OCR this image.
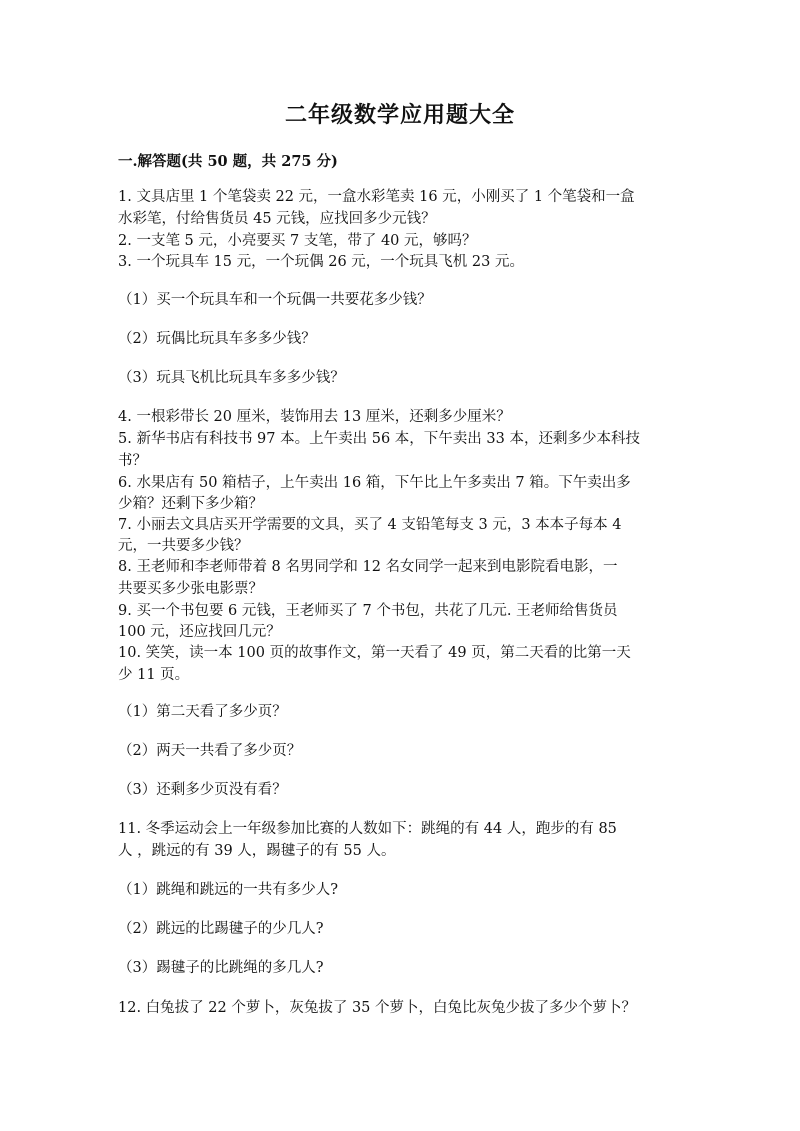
二年级数学应用题大全
一.解答题(共 50 题，共 275 分)
1. 文具店里 1 个笔袋卖 22 元，一盒水彩笔卖 16 元，小刚买了 1 个笔袋和一盒
水彩笔，付给售货员 45 元钱，应找回多少元钱？
2. 一支笔 5 元，小亮要买 7 支笔，带了 40 元，够吗？
3. 一个玩具车 15 元，一个玩偶 26 元，一个玩具飞机 23 元。
（1）买一个玩具车和一个玩偶一共要花多少钱？
（2）玩偶比玩具车多多少钱？
（3）玩具飞机比玩具车多多少钱？
4. 一根彩带长 20 厘米，装饰用去 13 厘米，还剩多少厘米？
5. 新华书店有科技书 97 本。上午卖出 56 本，下午卖出 33 本，还剩多少本科技
书？
6. 水果店有 50 箱桔子，上午卖出 16 箱，下午比上午多卖出 7 箱。下午卖出多
少箱？还剩下多少箱？
7. 小丽去文具店买开学需要的文具，买了 4 支铅笔每支 3 元，3 本本子每本 4
元，一共要多少钱？
8. 王老师和李老师带着 8 名男同学和 12 名女同学一起来到电影院看电影，一
共要买多少张电影票？
9. 买一个书包要 6 元钱，王老师买了 7 个书包，共花了几元. 王老师给售货员
100 元，还应找回几元？
10. 笑笑，读一本 100 页的故事作文，第一天看了 49 页，第二天看的比第一天
少 11 页。
（1）第二天看了多少页？
（2）两天一共看了多少页？
（3）还剩多少页没有看？
11. 冬季运动会上一年级参加比赛的人数如下：跳绳的有 44 人，跑步的有 85
人 ，跳远的有 39 人，踢毽子的有 55 人。
（1）跳绳和跳远的一共有多少人?
（2）跳远的比踢毽子的少几人?
（3）踢毽子的比跳绳的多几人?
12. 白兔拔了 22 个萝卜，灰兔拔了 35 个萝卜，白兔比灰兔少拔了多少个萝卜？
